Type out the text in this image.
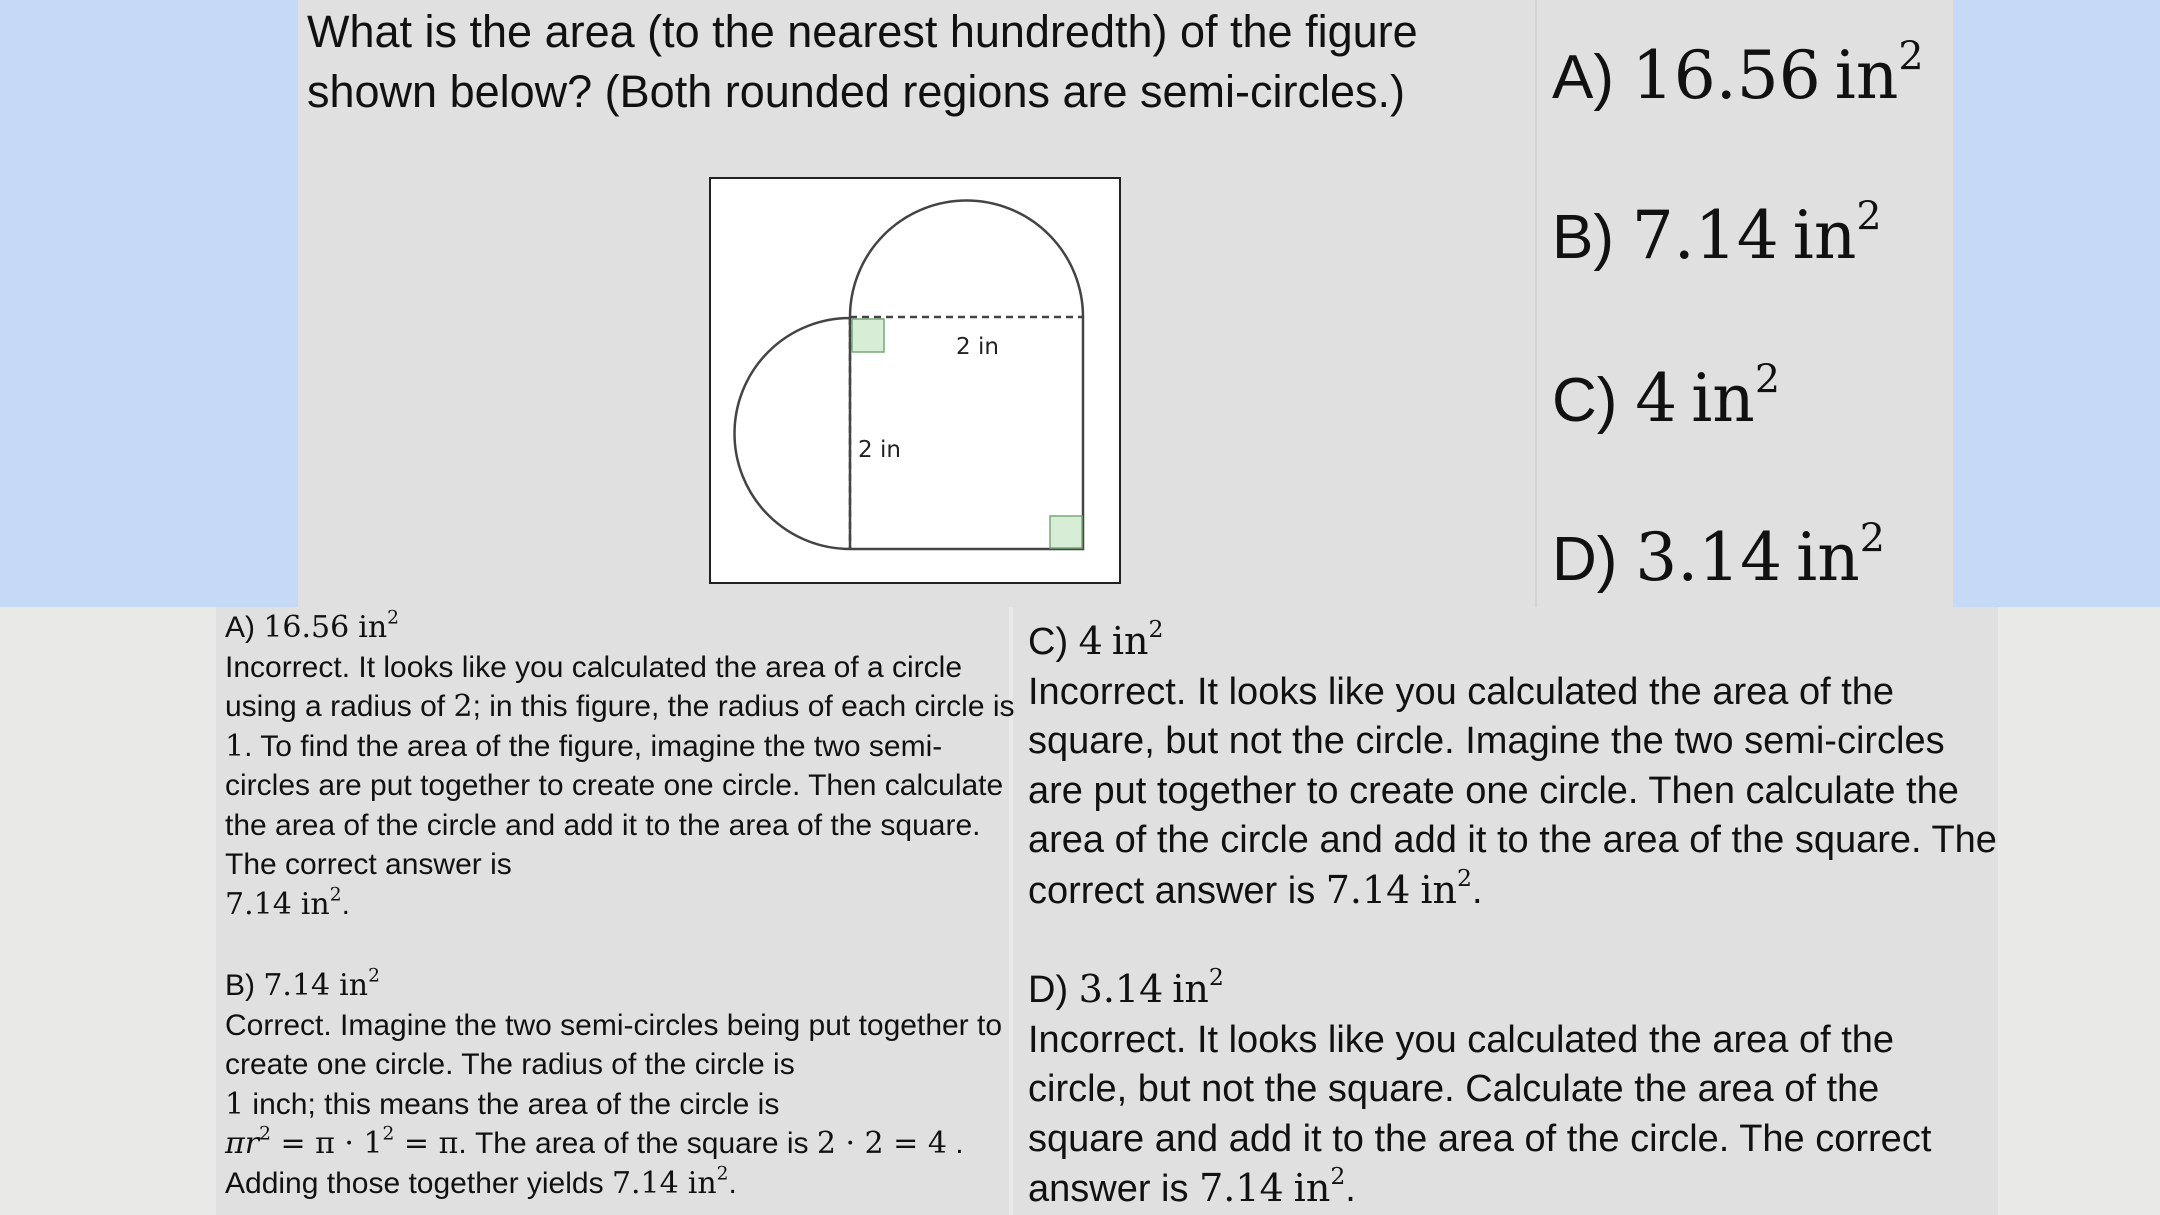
What is the area (to the nearest hundredth) of the figure shown below? (Both rounded regions are semi-circles.)

2 in
2 in
A) 16.56 $in^2$
B) 7.14 $in^2$
C) 4 $in^2$
D) 3.14 $in^2$
A) 16.56 $in^2$
Incorrect. It looks like you calculated the area of a circle using a radius of 2; in this figure, the radius of each circle is 1. To find the area of the figure, imagine the two semi-circles are put together to create one circle. Then calculate the area of the circle and add it to the area of the square. The correct answer is
7.14 $in^2$.
B) 7.14 $in^2$
Correct. Imagine the two semi-circles being put together to create one circle. The radius of the circle is
1 inch; this means the area of the circle is
$\pi r^2 = \pi \cdot 1^2 = \pi$. The area of the square is 2 · 2 = 4 .
Adding those together yields 7.14 $in^2$.
C) 4 $in^2$
Incorrect. It looks like you calculated the area of the square, but not the circle. Imagine the two semi-circles are put together to create one circle. Then calculate the area of the circle and add it to the area of the square. The correct answer is 7.14 $in^2$.
D) 3.14 $in^2$
Incorrect. It looks like you calculated the area of the circle, but not the square. Calculate the area of the square and add it to the area of the circle. The correct answer is 7.14 $in^2$.
